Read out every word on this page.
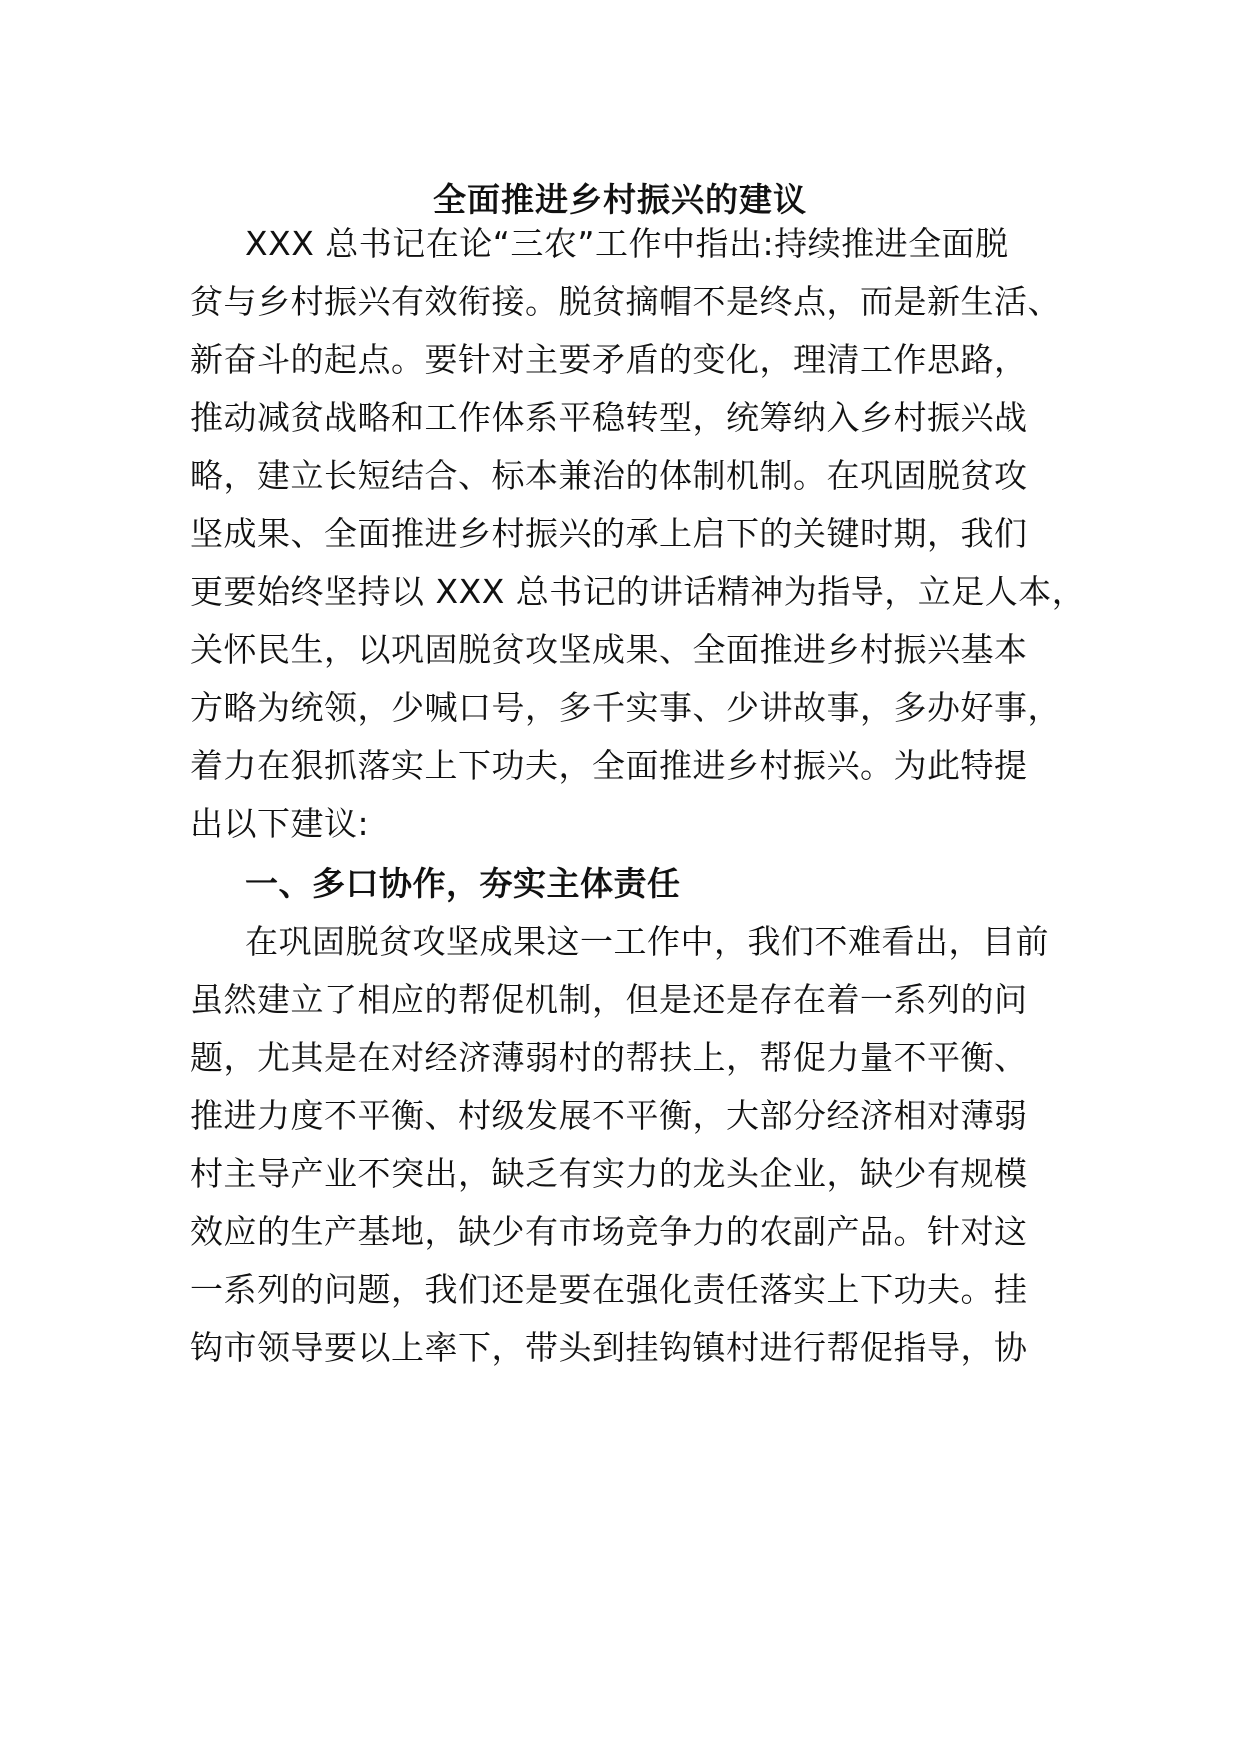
全面推进乡村振兴的建议
XXX 总书记在论“三农”工作中指出:持续推进全面脱
贫与乡村振兴有效衔接。脱贫摘帽不是终点，而是新生活、
新奋斗的起点。要针对主要矛盾的变化，理清工作思路，
推动减贫战略和工作体系平稳转型，统筹纳入乡村振兴战
略，建立长短结合、标本兼治的体制机制。在巩固脱贫攻
坚成果、全面推进乡村振兴的承上启下的关键时期，我们
更要始终坚持以 XXX 总书记的讲话精神为指导，立足人本，
关怀民生，以巩固脱贫攻坚成果、全面推进乡村振兴基本
方略为统领，少喊口号，多千实事、少讲故事，多办好事，
着力在狠抓落实上下功夫，全面推进乡村振兴。为此特提
出以下建议:
一、多口协作，夯实主体责任
在巩固脱贫攻坚成果这一工作中，我们不难看出，目前
虽然建立了相应的帮促机制，但是还是存在着一系列的问
题，尤其是在对经济薄弱村的帮扶上，帮促力量不平衡、
推进力度不平衡、村级发展不平衡，大部分经济相对薄弱
村主导产业不突出，缺乏有实力的龙头企业，缺少有规模
效应的生产基地，缺少有市场竞争力的农副产品。针对这
一系列的问题，我们还是要在强化责任落实上下功夫。挂
钩市领导要以上率下，带头到挂钩镇村进行帮促指导，协
